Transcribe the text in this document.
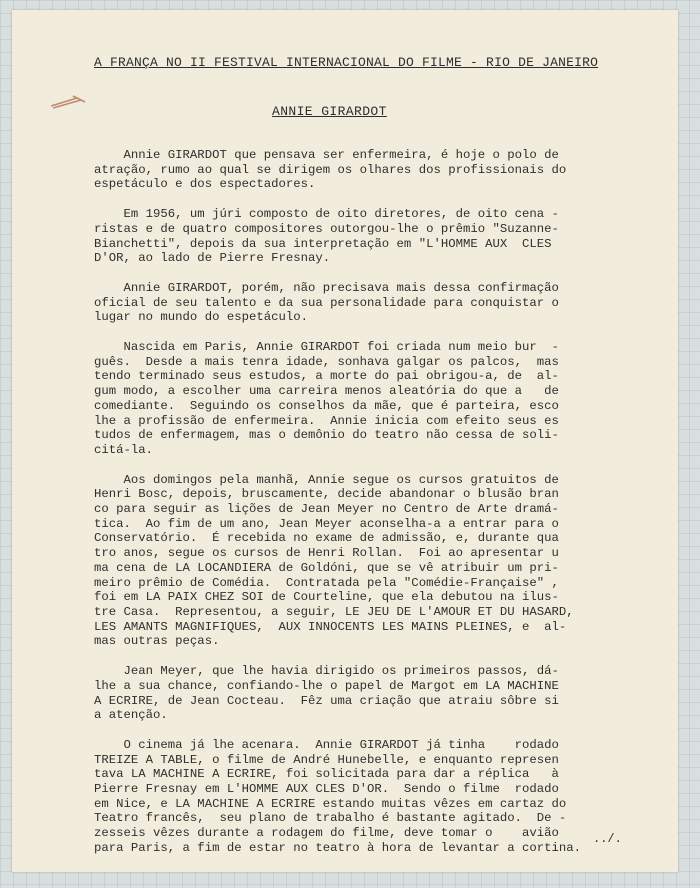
A FRANÇA NO II FESTIVAL INTERNACIONAL DO FILME - RIO DE JANEIRO
ANNIE GIRARDOT
Annie GIRARDOT que pensava ser enfermeira, é hoje o polo de
atração, rumo ao qual se dirigem os olhares dos profissionais do
espetáculo e dos espectadores.
Em 1956, um júri composto de oito diretores, de oito cena -
ristas e de quatro compositores outorgou-lhe o prêmio "Suzanne-
Bianchetti", depois da sua interpretação em "L'HOMME AUX  CLES
D'OR, ao lado de Pierre Fresnay.
Annie GIRARDOT, porém, não precisava mais dessa confirmação
oficial de seu talento e da sua personalidade para conquistar o
lugar no mundo do espetáculo.
Nascida em Paris, Annie GIRARDOT foi criada num meio bur  -
guês.  Desde a mais tenra idade, sonhava galgar os palcos,  mas
tendo terminado seus estudos, a morte do pai obrigou-a, de  al-
gum modo, a escolher uma carreira menos aleatória do que a   de
comediante.  Seguindo os conselhos da mãe, que é parteira, esco
lhe a profissão de enfermeira.  Annie inicia com efeito seus es
tudos de enfermagem, mas o demônio do teatro não cessa de soli-
citá-la.
Aos domingos pela manhã, Annie segue os cursos gratuitos de
Henri Bosc, depois, bruscamente, decide abandonar o blusão bran
co para seguir as lições de Jean Meyer no Centro de Arte dramá-
tica.  Ao fim de um ano, Jean Meyer aconselha-a a entrar para o
Conservatório.  É recebida no exame de admissão, e, durante qua
tro anos, segue os cursos de Henri Rollan.  Foi ao apresentar u
ma cena de LA LOCANDIERA de Goldóni, que se vê atribuir um pri-
meiro prêmio de Comédia.  Contratada pela "Comédie-Française" ,
foi em LA PAIX CHEZ SOI de Courteline, que ela debutou na ilus-
tre Casa.  Representou, a seguir, LE JEU DE L'AMOUR ET DU HASARD,
LES AMANTS MAGNIFIQUES,  AUX INNOCENTS LES MAINS PLEINES, e  al-
mas outras peças.
Jean Meyer, que lhe havia dirigido os primeiros passos, dá-
lhe a sua chance, confiando-lhe o papel de Margot em LA MACHINE
A ECRIRE, de Jean Cocteau.  Fêz uma criação que atraiu sôbre si
a atenção.
O cinema já lhe acenara.  Annie GIRARDOT já tinha    rodado
TREIZE A TABLE, o filme de André Hunebelle, e enquanto represen
tava LA MACHINE A ECRIRE, foi solicitada para dar a réplica   à
Pierre Fresnay em L'HOMME AUX CLES D'OR.  Sendo o filme  rodado
em Nice, e LA MACHINE A ECRIRE estando muitas vêzes em cartaz do
Teatro francês,  seu plano de trabalho é bastante agitado.  De -
zesseis vêzes durante a rodagem do filme, deve tomar o    avião
para Paris, a fim de estar no teatro à hora de levantar a cortina.
../.
